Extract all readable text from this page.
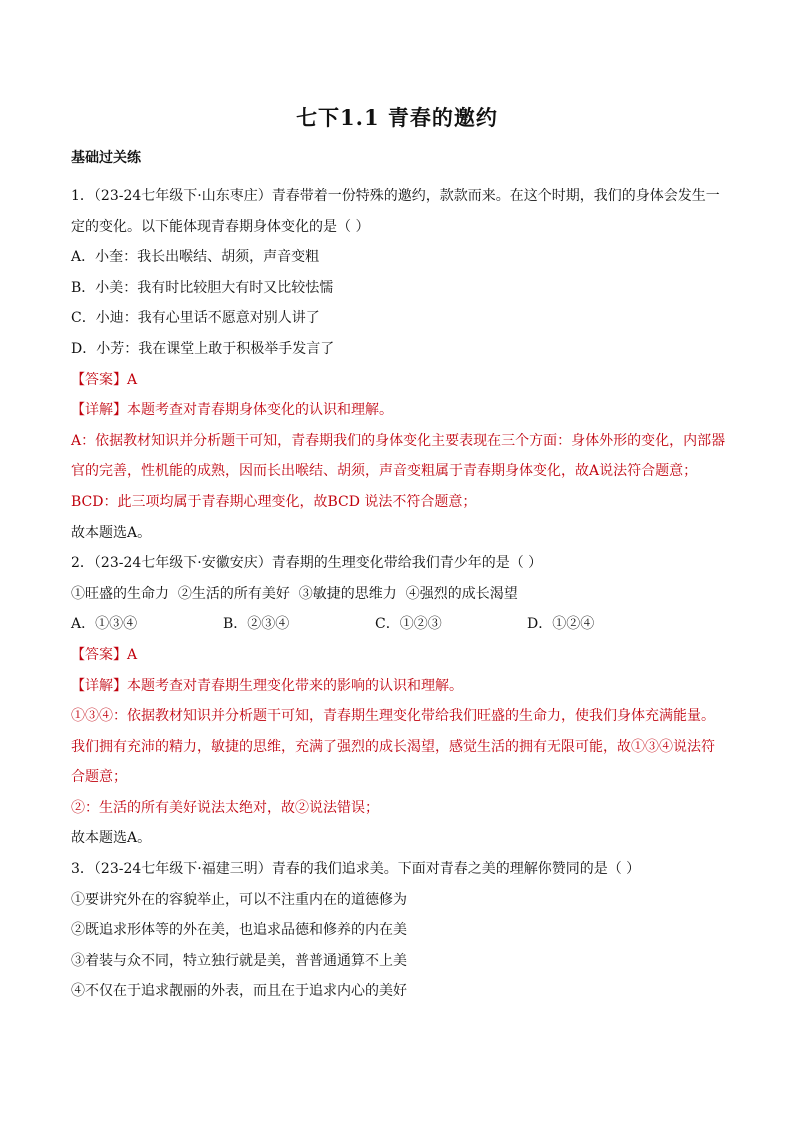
七下1.1 青春的邀约
基础过关练
1．（23-24七年级下·山东枣庄）青春带着一份特殊的邀约，款款而来。在这个时期，我们的身体会发生一
定的变化。以下能体现青春期身体变化的是（ ）
A．小奎：我长出喉结、胡须，声音变粗
B．小美：我有时比较胆大有时又比较怯懦
C．小迪：我有心里话不愿意对别人讲了
D．小芳：我在课堂上敢于积极举手发言了
【答案】A
【详解】本题考查对青春期身体变化的认识和理解。
A：依据教材知识并分析题干可知，青春期我们的身体变化主要表现在三个方面：身体外形的变化，内部器
官的完善，性机能的成熟，因而长出喉结、胡须，声音变粗属于青春期身体变化，故A说法符合题意；
BCD：此三项均属于青春期心理变化，故BCD 说法不符合题意；
故本题选A。
2．（23-24七年级下·安徽安庆）青春期的生理变化带给我们青少年的是（ ）
①旺盛的生命力  ②生活的所有美好  ③敏捷的思维力  ④强烈的成长渴望
A．①③④	B．②③④	C．①②③	D．①②④
【答案】A
【详解】本题考查对青春期生理变化带来的影响的认识和理解。
①③④：依据教材知识并分析题干可知，青春期生理变化带给我们旺盛的生命力，使我们身体充满能量。
我们拥有充沛的精力，敏捷的思维，充满了强烈的成长渴望，感觉生活的拥有无限可能，故①③④说法符
合题意；
②：生活的所有美好说法太绝对，故②说法错误；
故本题选A。
3．（23-24七年级下·福建三明）青春的我们追求美。下面对青春之美的理解你赞同的是（ ）
①要讲究外在的容貌举止，可以不注重内在的道德修为
②既追求形体等的外在美，也追求品德和修养的内在美
③着装与众不同，特立独行就是美，普普通通算不上美
④不仅在于追求靓丽的外表，而且在于追求内心的美好
